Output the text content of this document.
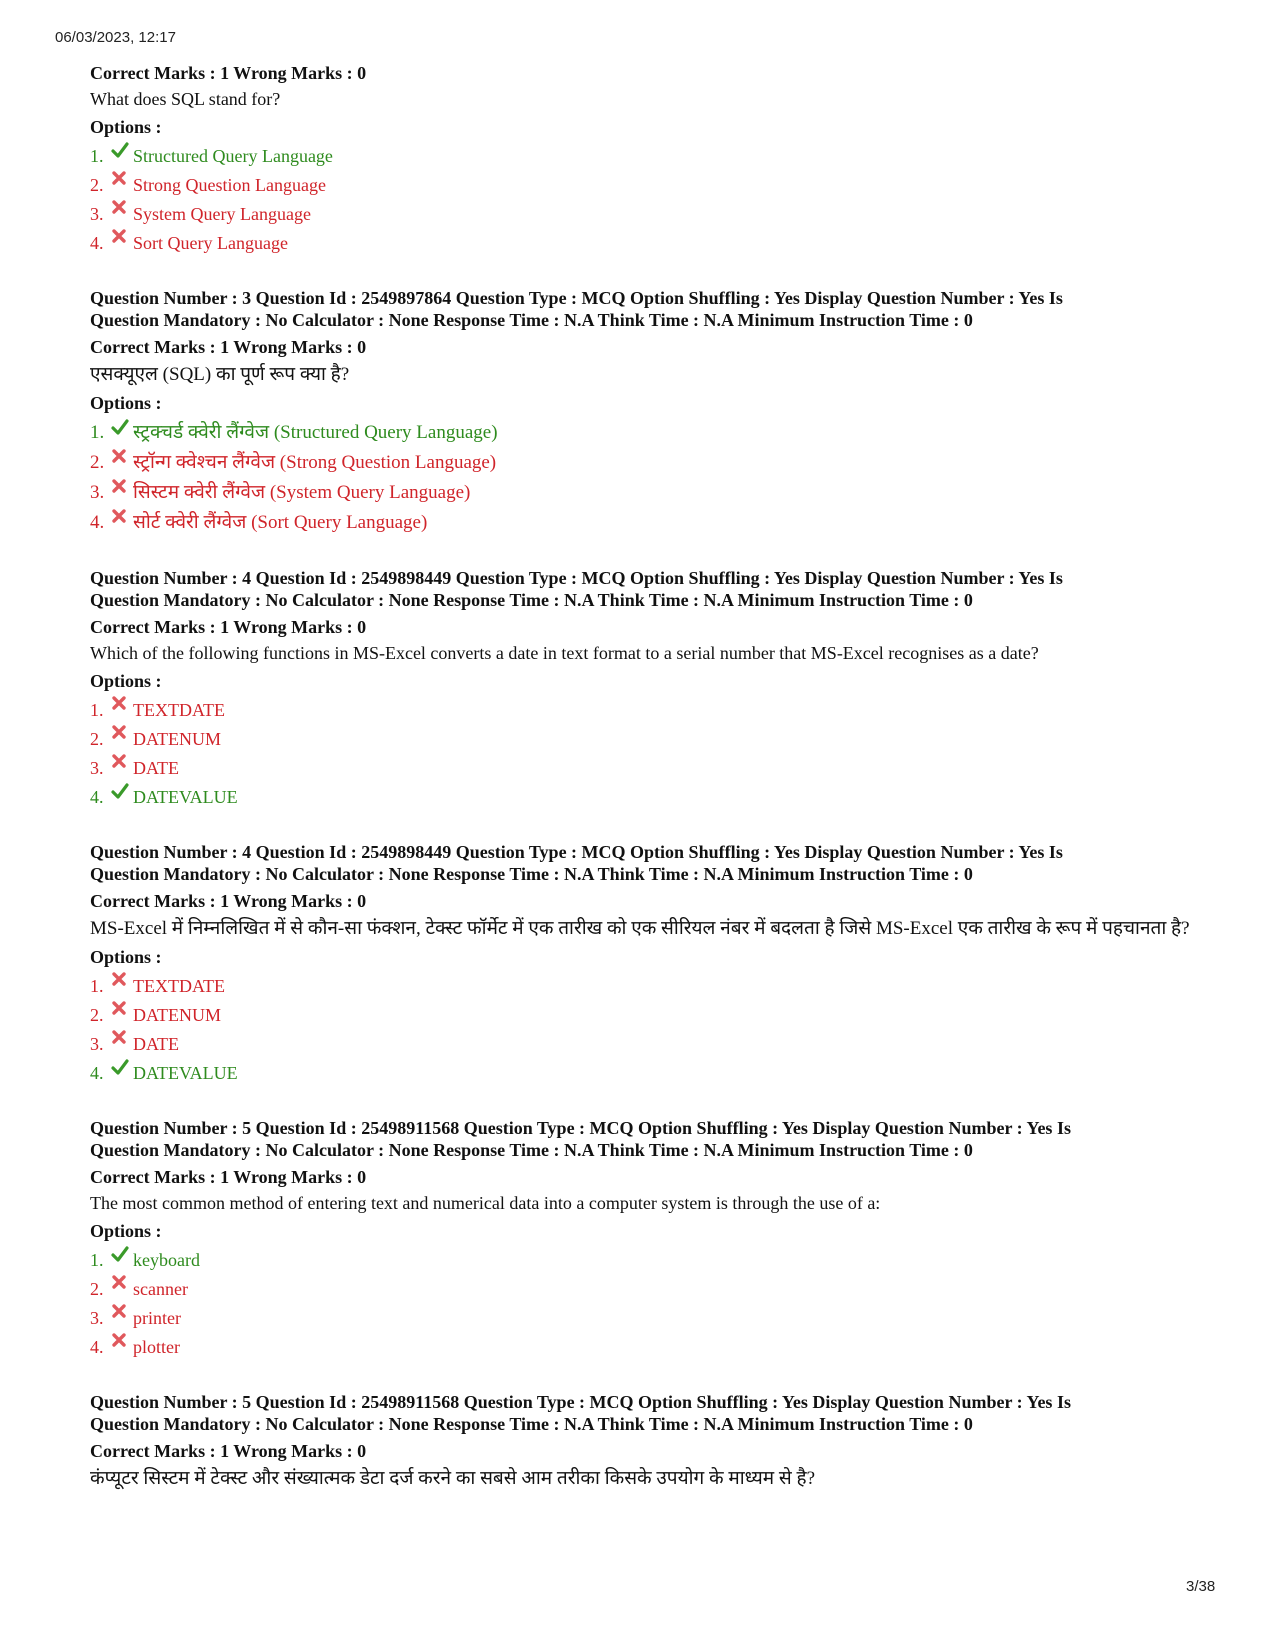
06/03/2023, 12:17
Correct Marks : 1 Wrong Marks : 0
What does SQL stand for?
Options :
1.	Structured Query Language
2.	Strong Question Language
3.	System Query Language
4.	Sort Query Language
Question Number : 3 Question Id : 2549897864 Question Type : MCQ Option Shuffling : Yes Display Question Number : Yes Is
Question Mandatory : No Calculator : None Response Time : N.A Think Time : N.A Minimum Instruction Time : 0
Correct Marks : 1 Wrong Marks : 0
एसक्यूएल (SQL) का पूर्ण रूप क्या है?
Options :
1.	स्ट्रक्चर्ड क्वेरी लैंग्वेज (Structured Query Language)
2.	स्ट्रॉन्ग क्वेश्चन लैंग्वेज (Strong Question Language)
3.	सिस्टम क्वेरी लैंग्वेज (System Query Language)
4.	सोर्ट क्वेरी लैंग्वेज (Sort Query Language)
Question Number : 4 Question Id : 2549898449 Question Type : MCQ Option Shuffling : Yes Display Question Number : Yes Is
Question Mandatory : No Calculator : None Response Time : N.A Think Time : N.A Minimum Instruction Time : 0
Correct Marks : 1 Wrong Marks : 0
Which of the following functions in MS-Excel converts a date in text format to a serial number that MS-Excel recognises as a date?
Options :
1.	TEXTDATE
2.	DATENUM
3.	DATE
4.	DATEVALUE
Question Number : 4 Question Id : 2549898449 Question Type : MCQ Option Shuffling : Yes Display Question Number : Yes Is
Question Mandatory : No Calculator : None Response Time : N.A Think Time : N.A Minimum Instruction Time : 0
Correct Marks : 1 Wrong Marks : 0
MS-Excel में निम्नलिखित में से कौन-सा फंक्शन, टेक्स्ट फॉर्मेट में एक तारीख को एक सीरियल नंबर में बदलता है जिसे MS-Excel एक तारीख के रूप में पहचानता है?
Options :
1.	TEXTDATE
2.	DATENUM
3.	DATE
4.	DATEVALUE
Question Number : 5 Question Id : 25498911568 Question Type : MCQ Option Shuffling : Yes Display Question Number : Yes Is
Question Mandatory : No Calculator : None Response Time : N.A Think Time : N.A Minimum Instruction Time : 0
Correct Marks : 1 Wrong Marks : 0
The most common method of entering text and numerical data into a computer system is through the use of a:
Options :
1.	keyboard
2.	scanner
3.	printer
4.	plotter
Question Number : 5 Question Id : 25498911568 Question Type : MCQ Option Shuffling : Yes Display Question Number : Yes Is
Question Mandatory : No Calculator : None Response Time : N.A Think Time : N.A Minimum Instruction Time : 0
Correct Marks : 1 Wrong Marks : 0
कंप्यूटर सिस्टम में टेक्स्ट और संख्यात्मक डेटा दर्ज करने का सबसे आम तरीका किसके उपयोग के माध्यम से है?
3/38
